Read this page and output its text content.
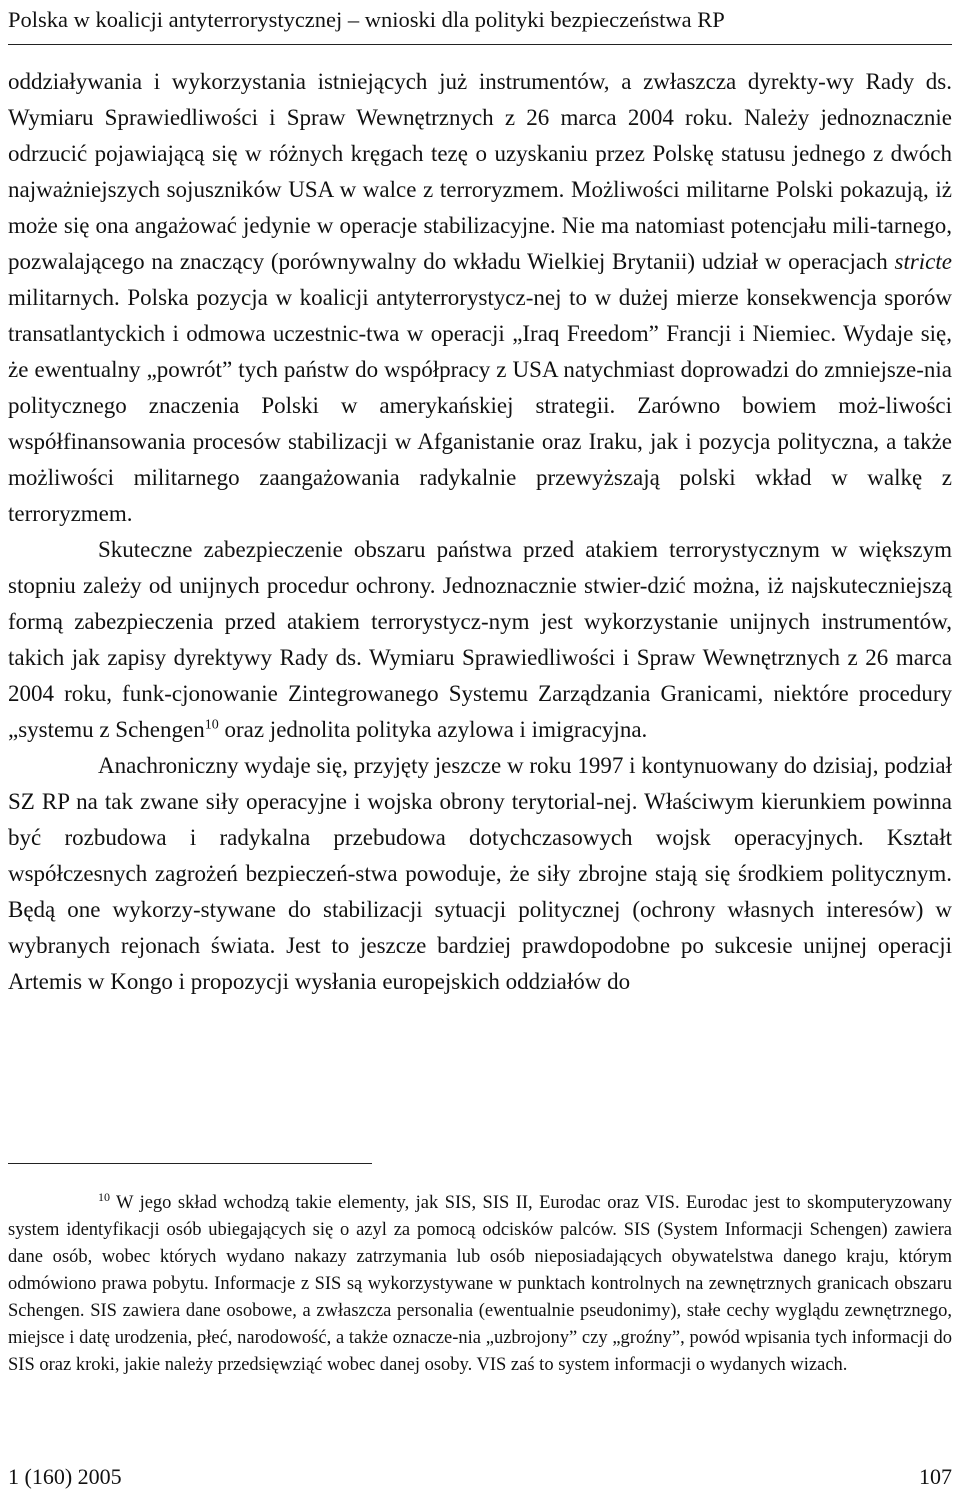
Polska w koalicji antyterrorystycznej – wnioski dla polityki bezpieczeństwa RP

oddziaływania i wykorzystania istniejących już instrumentów, a zwłaszcza dyrekty-wy Rady ds. Wymiaru Sprawiedliwości i Spraw Wewnętrznych z 26 marca 2004 roku. Należy jednoznacznie odrzucić pojawiającą się w różnych kręgach tezę o uzyskaniu przez Polskę statusu jednego z dwóch najważniejszych sojuszników USA w walce z terroryzmem. Możliwości militarne Polski pokazują, iż może się ona angażować jedynie w operacje stabilizacyjne. Nie ma natomiast potencjału mili-tarnego, pozwalającego na znaczący (porównywalny do wkładu Wielkiej Brytanii) udział w operacjach stricte militarnych. Polska pozycja w koalicji antyterrorystycz-nej to w dużej mierze konsekwencja sporów transatlantyckich i odmowa uczestnic-twa w operacji „Iraq Freedom” Francji i Niemiec. Wydaje się, że ewentualny „powrót” tych państw do współpracy z USA natychmiast doprowadzi do zmniejsze-nia politycznego znaczenia Polski w amerykańskiej strategii. Zarówno bowiem moż-liwości współfinansowania procesów stabilizacji w Afganistanie oraz Iraku, jak i pozycja polityczna, a także możliwości militarnego zaangażowania radykalnie przewyższają polski wkład w walkę z terroryzmem.

Skuteczne zabezpieczenie obszaru państwa przed atakiem terrorystycznym w większym stopniu zależy od unijnych procedur ochrony. Jednoznacznie stwier-dzić można, iż najskuteczniejszą formą zabezpieczenia przed atakiem terrorystycz-nym jest wykorzystanie unijnych instrumentów, takich jak zapisy dyrektywy Rady ds. Wymiaru Sprawiedliwości i Spraw Wewnętrznych z 26 marca 2004 roku, funk-cjonowanie Zintegrowanego Systemu Zarządzania Granicami, niektóre procedury „systemu z Schengen$^{10}$ oraz jednolita polityka azylowa i imigracyjna.

Anachroniczny wydaje się, przyjęty jeszcze w roku 1997 i kontynuowany do dzisiaj, podział SZ RP na tak zwane siły operacyjne i wojska obrony terytorial-nej. Właściwym kierunkiem powinna być rozbudowa i radykalna przebudowa dotychczasowych wojsk operacyjnych. Kształt współczesnych zagrożeń bezpieczeń-stwa powoduje, że siły zbrojne stają się środkiem politycznym. Będą one wykorzy-stywane do stabilizacji sytuacji politycznej (ochrony własnych interesów) w wybranych rejonach świata. Jest to jeszcze bardziej prawdopodobne po sukcesie unijnej operacji Artemis w Kongo i propozycji wysłania europejskich oddziałów do

$^{10}$ W jego skład wchodzą takie elementy, jak SIS, SIS II, Eurodac oraz VIS. Eurodac jest to skomputeryzowany system identyfikacji osób ubiegających się o azyl za pomocą odcisków palców. SIS (System Informacji Schengen) zawiera dane osób, wobec których wydano nakazy zatrzymania lub osób nieposiadających obywatelstwa danego kraju, którym odmówiono prawa pobytu. Informacje z SIS są wykorzystywane w punktach kontrolnych na zewnętrznych granicach obszaru Schengen. SIS zawiera dane osobowe, a zwłaszcza personalia (ewentualnie pseudonimy), stałe cechy wyglądu zewnętrznego, miejsce i datę urodzenia, płeć, narodowość, a także oznacze-nia „uzbrojony” czy „groźny”, powód wpisania tych informacji do SIS oraz kroki, jakie należy przedsięwziąć wobec danej osoby. VIS zaś to system informacji o wydanych wizach.

1 (160) 2005	107
